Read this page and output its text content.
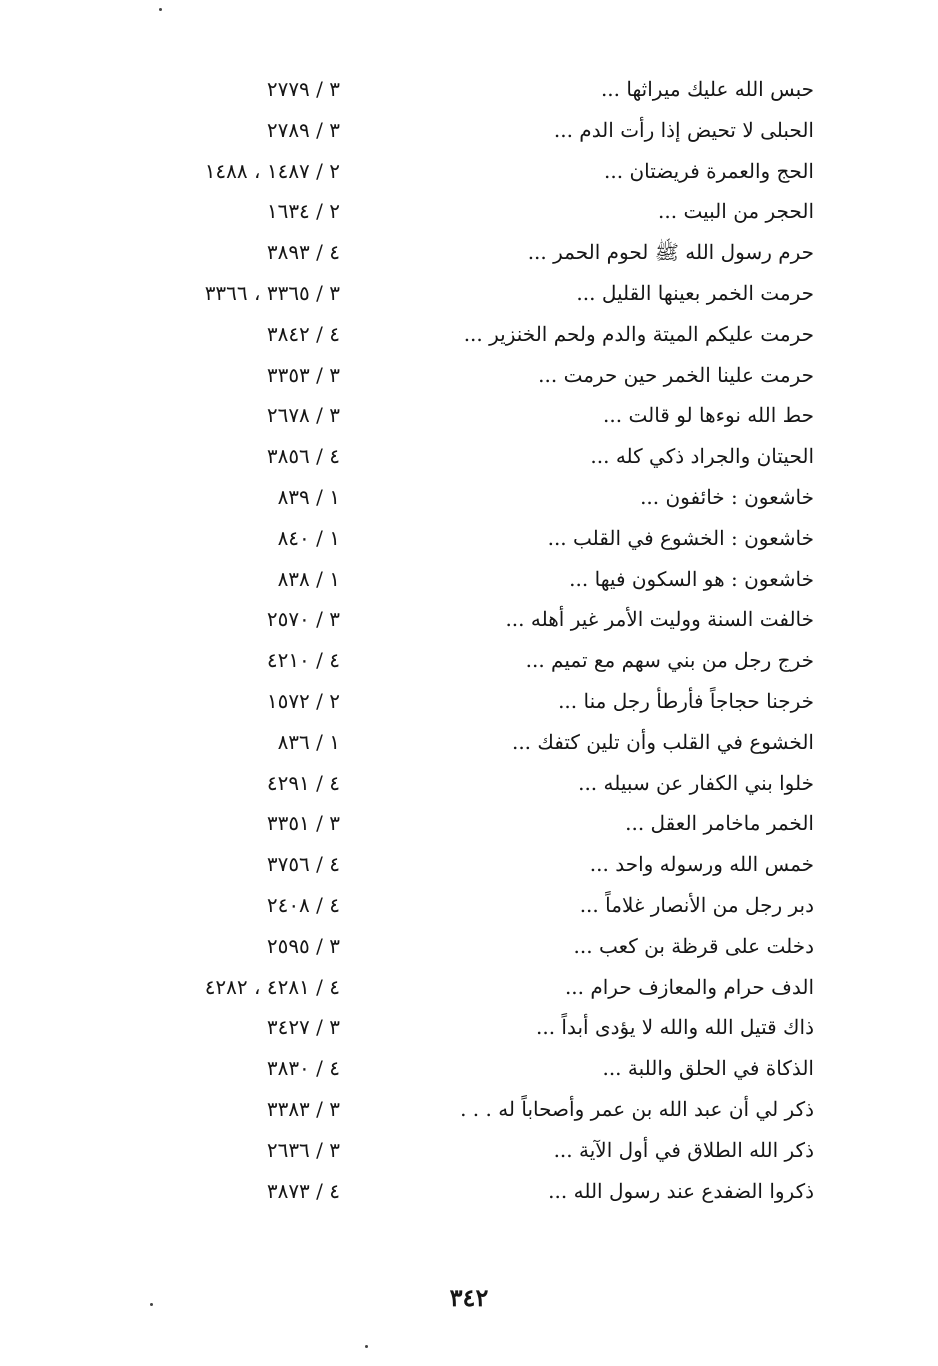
حبس الله عليك ميراثها ...
٣ / ٢٧٧٩
الحبلى لا تحيض إذا رأت الدم ...
٣ / ٢٧٨٩
الحج والعمرة فريضتان ...
٢ / ١٤٨٧ ، ١٤٨٨
الحجر من البيت ...
٢ / ١٦٣٤
حرم رسول الله ﷺ لحوم الحمر ...
٤ / ٣٨٩٣
حرمت الخمر بعينها القليل ...
٣ / ٣٣٦٥ ، ٣٣٦٦
حرمت عليكم الميتة والدم ولحم الخنزير ...
٤ / ٣٨٤٢
حرمت علينا الخمر حين حرمت ...
٣ / ٣٣٥٣
حط الله نوءها لو قالت ...
٣ / ٢٦٧٨
الحيتان والجراد ذكي كله ...
٤ / ٣٨٥٦
خاشعون : خائفون ...
١ / ٨٣٩
خاشعون : الخشوع في القلب ...
١ / ٨٤٠
خاشعون : هو السكون فيها ...
١ / ٨٣٨
خالفت السنة ووليت الأمر غير أهله ...
٣ / ٢٥٧٠
خرج رجل من بني سهم مع تميم ...
٤ / ٤٢١٠
خرجنا حجاجاً فأرطأ رجل منا ...
٢ / ١٥٧٢
الخشوع في القلب وأن تلين كتفك ...
١ / ٨٣٦
خلوا بني الكفار عن سبيله ...
٤ / ٤٢٩١
الخمر ماخامر العقل ...
٣ / ٣٣٥١
خمس الله ورسوله واحد ...
٤ / ٣٧٥٦
دبر رجل من الأنصار غلاماً ...
٤ / ٢٤٠٨
دخلت على قرظة بن كعب ...
٣ / ٢٥٩٥
الدف حرام والمعازف حرام ...
٤ / ٤٢٨١ ، ٤٢٨٢
ذاك قتيل الله والله لا يؤدى أبداً ...
٣ / ٣٤٢٧
الذكاة في الحلق واللبة ...
٤ / ٣٨٣٠
ذكر لي أن عبد الله بن عمر وأصحاباً له . . .
٣ / ٣٣٨٣
ذكر الله الطلاق في أول الآية ...
٣ / ٢٦٣٦
ذكروا الضفدع عند رسول الله ...
٤ / ٣٨٧٣
٣٤٢
